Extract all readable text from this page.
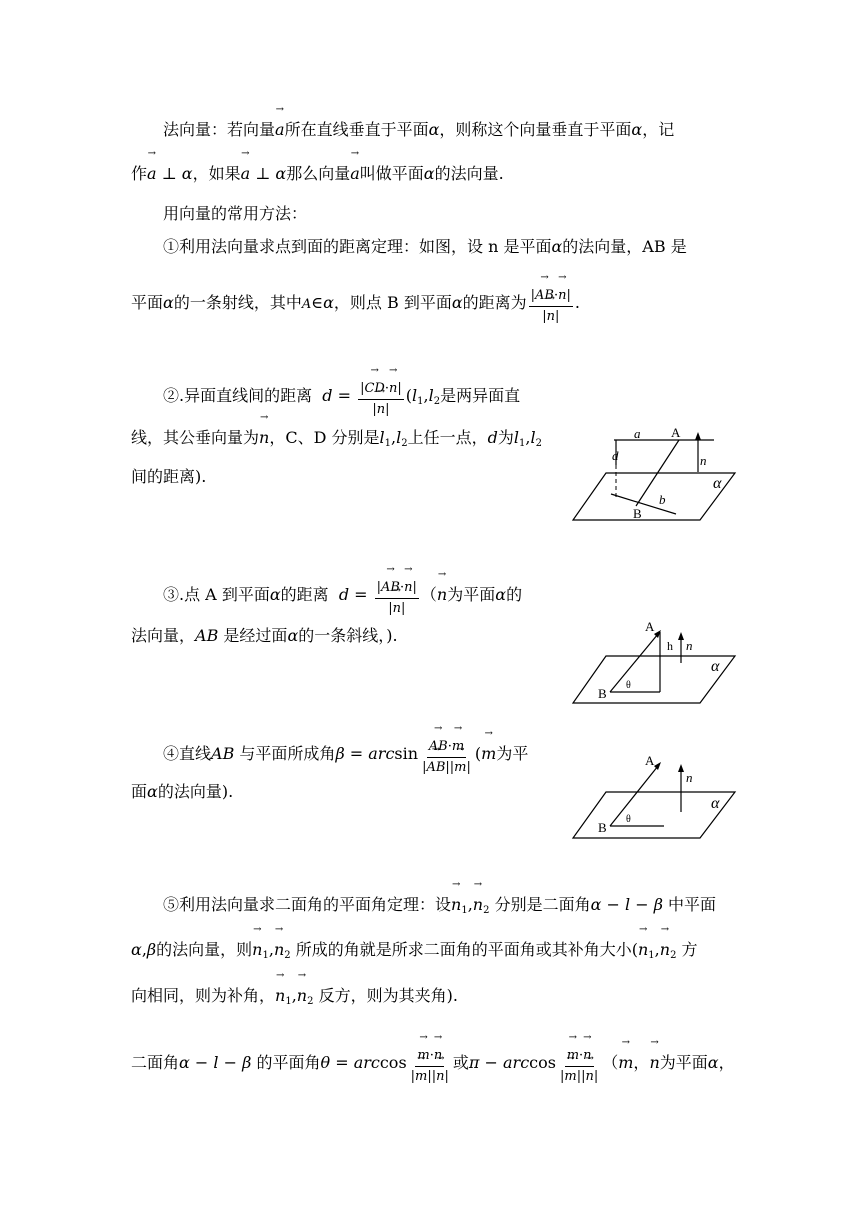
法向量：若向量→ a所在直线垂直于平面α，则称这个向量垂直于平面α，记
作→ a ⊥ α，如果→ a ⊥ α那么向量→ a叫做平面α的法向量.
用向量的常用方法：
①利用法向量求点到面的距离定理：如图，设 n 是平面α的法向量，AB 是
平面α的一条射线，其中A∈α，则点 B 到平面α的距离为 $\frac{|\to AB\cdot\to n|}{|\to n|}$ .
②.异面直线间的距离 $d = \frac{|\to CD\cdot\to n|}{|\to n|} (l_1,l_2$是两异面直
线，其公垂向量为→ n，C、D 分别是$l_1,l_2$上任一点，d为$l_1,l_2$
间的距离).
a A
d	n
α
b
B
③.点 A 到平面α的距离 $d = \frac{|\to AB\cdot\to n|}{|\to n|}$ （→ n为平面α的
法向量，AB 是经过面α的一条斜线，).	A
h n
α
B
θ
④直线AB 与平面所成角β = arcsin
→ $\frac{AB\cdot\to m}{|\to AB||\to m|}$ (→ m为平
面α的法向量).
A
n
α
B
θ
⑤利用法向量求二面角的平面角定理：设→ $n_1,\to n_2$ 分别是二面角α − l − β 中平面
α,β的法向量，则→ $n_1,\to n_2$ 所成的角就是所求二面角的平面角或其补角大小(→ $n_1,\to n_2$ 方
向相同，则为补角，→ $n_1,\to n_2$ 反方，则为其夹角).
二面角α − l − β 的平面角θ = arccos
→ $\frac{m\cdot\to n}{|\to m||\to n|}$ 或π − arccos
→ $\frac{m\cdot\to n}{|\to m||\to n|}$ （→ m，→ n为平面α，
